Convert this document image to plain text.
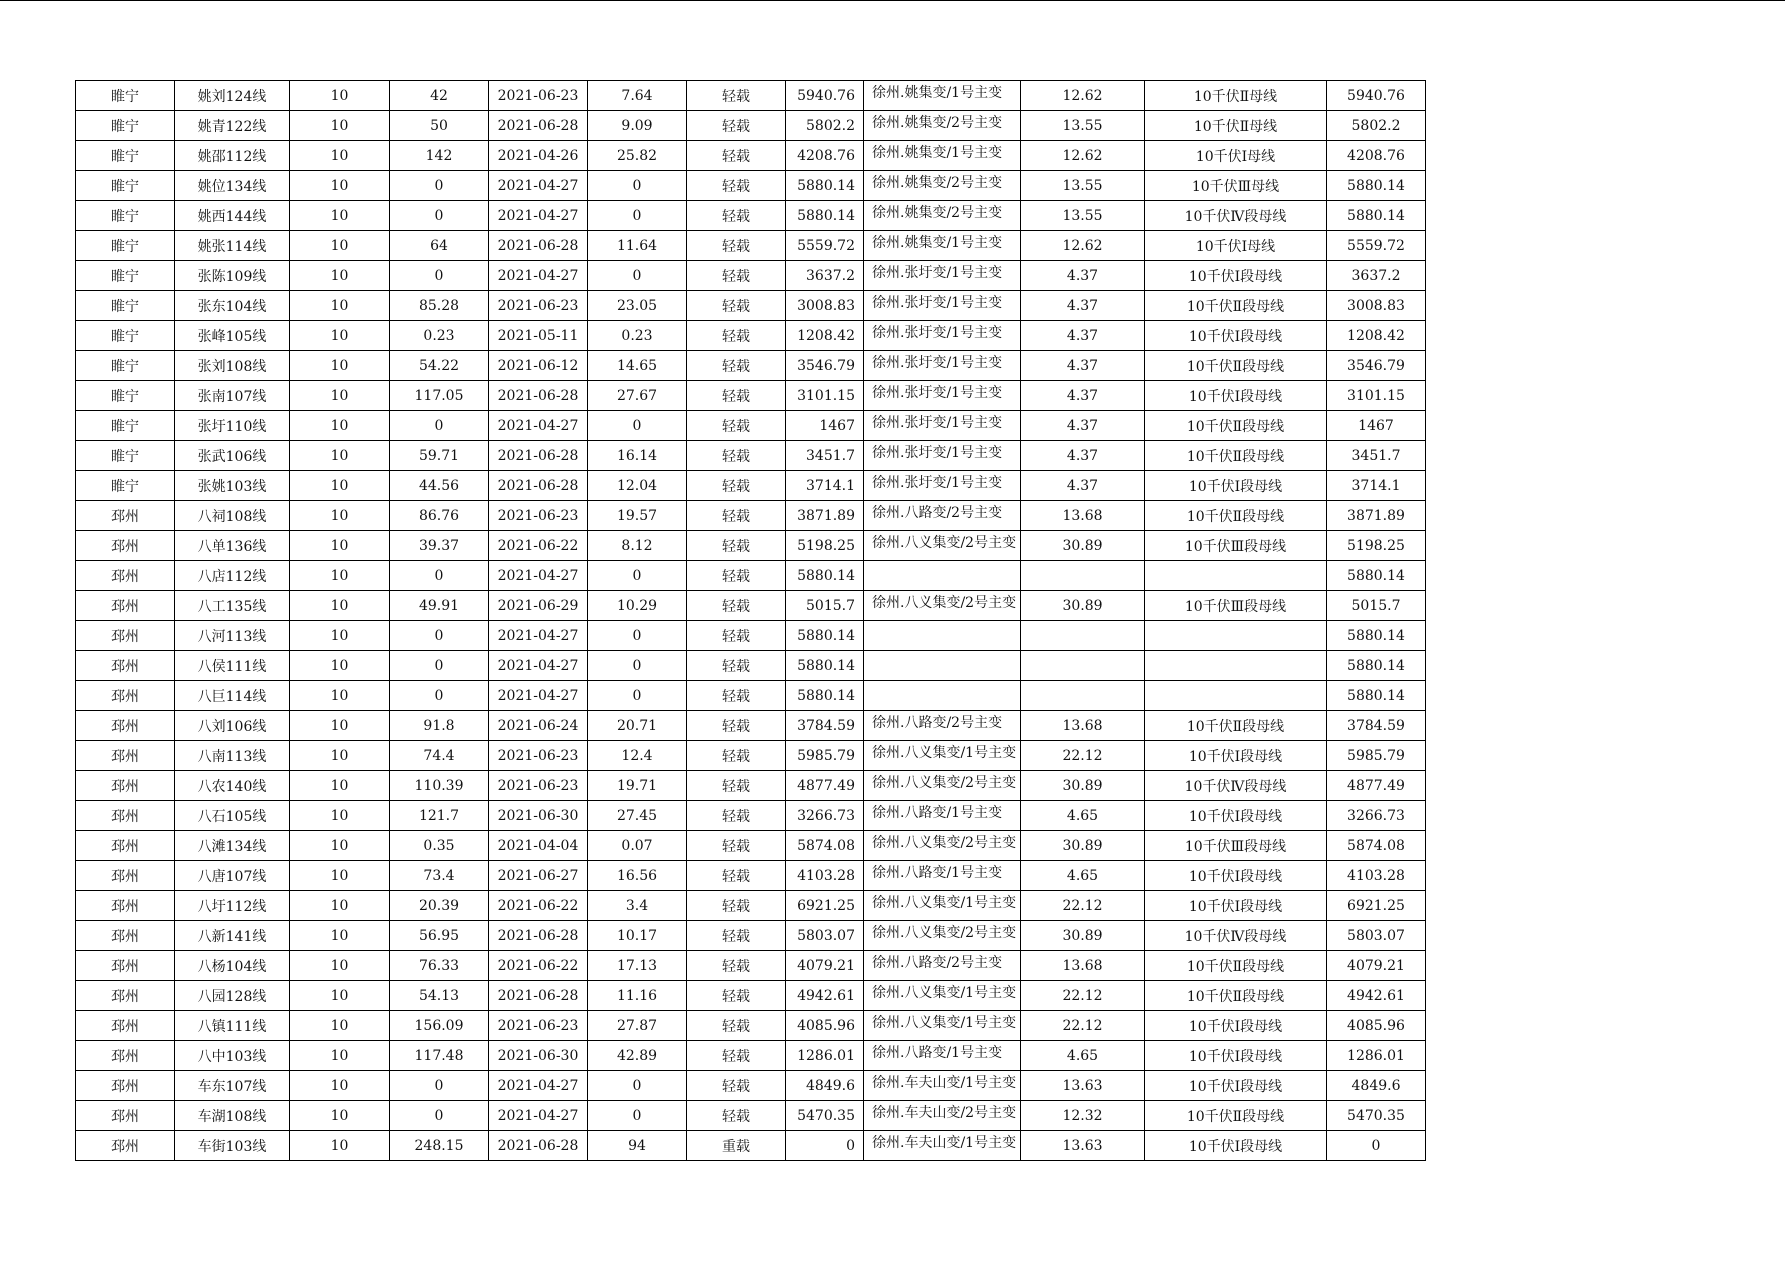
睢宁	姚刘124线	10	42	2021-06-23	7.64	轻载	5940.76	徐州.姚集变/1号主变	12.62	10千伏Ⅱ母线	5940.76
睢宁	姚青122线	10	50	2021-06-28	9.09	轻载	5802.2	徐州.姚集变/2号主变	13.55	10千伏Ⅱ母线	5802.2
睢宁	姚邵112线	10	142	2021-04-26	25.82	轻载	4208.76	徐州.姚集变/1号主变	12.62	10千伏Ⅰ母线	4208.76
睢宁	姚位134线	10	0	2021-04-27	0	轻载	5880.14	徐州.姚集变/2号主变	13.55	10千伏Ⅲ母线	5880.14
睢宁	姚西144线	10	0	2021-04-27	0	轻载	5880.14	徐州.姚集变/2号主变	13.55	10千伏Ⅳ段母线	5880.14
睢宁	姚张114线	10	64	2021-06-28	11.64	轻载	5559.72	徐州.姚集变/1号主变	12.62	10千伏Ⅰ母线	5559.72
睢宁	张陈109线	10	0	2021-04-27	0	轻载	3637.2	徐州.张圩变/1号主变	4.37	10千伏Ⅰ段母线	3637.2
睢宁	张东104线	10	85.28	2021-06-23	23.05	轻载	3008.83	徐州.张圩变/1号主变	4.37	10千伏Ⅱ段母线	3008.83
睢宁	张峰105线	10	0.23	2021-05-11	0.23	轻载	1208.42	徐州.张圩变/1号主变	4.37	10千伏Ⅰ段母线	1208.42
睢宁	张刘108线	10	54.22	2021-06-12	14.65	轻载	3546.79	徐州.张圩变/1号主变	4.37	10千伏Ⅱ段母线	3546.79
睢宁	张南107线	10	117.05	2021-06-28	27.67	轻载	3101.15	徐州.张圩变/1号主变	4.37	10千伏Ⅰ段母线	3101.15
睢宁	张圩110线	10	0	2021-04-27	0	轻载	1467	徐州.张圩变/1号主变	4.37	10千伏Ⅱ段母线	1467
睢宁	张武106线	10	59.71	2021-06-28	16.14	轻载	3451.7	徐州.张圩变/1号主变	4.37	10千伏Ⅱ段母线	3451.7
睢宁	张姚103线	10	44.56	2021-06-28	12.04	轻载	3714.1	徐州.张圩变/1号主变	4.37	10千伏Ⅰ段母线	3714.1
邳州	八祠108线	10	86.76	2021-06-23	19.57	轻载	3871.89	徐州.八路变/2号主变	13.68	10千伏Ⅱ段母线	3871.89
邳州	八单136线	10	39.37	2021-06-22	8.12	轻载	5198.25	徐州.八义集变/2号主变	30.89	10千伏Ⅲ段母线	5198.25
邳州	八店112线	10	0	2021-04-27	0	轻载	5880.14				5880.14
邳州	八工135线	10	49.91	2021-06-29	10.29	轻载	5015.7	徐州.八义集变/2号主变	30.89	10千伏Ⅲ段母线	5015.7
邳州	八河113线	10	0	2021-04-27	0	轻载	5880.14				5880.14
邳州	八侯111线	10	0	2021-04-27	0	轻载	5880.14				5880.14
邳州	八巨114线	10	0	2021-04-27	0	轻载	5880.14				5880.14
邳州	八刘106线	10	91.8	2021-06-24	20.71	轻载	3784.59	徐州.八路变/2号主变	13.68	10千伏Ⅱ段母线	3784.59
邳州	八南113线	10	74.4	2021-06-23	12.4	轻载	5985.79	徐州.八义集变/1号主变	22.12	10千伏Ⅰ段母线	5985.79
邳州	八农140线	10	110.39	2021-06-23	19.71	轻载	4877.49	徐州.八义集变/2号主变	30.89	10千伏Ⅳ段母线	4877.49
邳州	八石105线	10	121.7	2021-06-30	27.45	轻载	3266.73	徐州.八路变/1号主变	4.65	10千伏Ⅰ段母线	3266.73
邳州	八滩134线	10	0.35	2021-04-04	0.07	轻载	5874.08	徐州.八义集变/2号主变	30.89	10千伏Ⅲ段母线	5874.08
邳州	八唐107线	10	73.4	2021-06-27	16.56	轻载	4103.28	徐州.八路变/1号主变	4.65	10千伏Ⅰ段母线	4103.28
邳州	八圩112线	10	20.39	2021-06-22	3.4	轻载	6921.25	徐州.八义集变/1号主变	22.12	10千伏Ⅰ段母线	6921.25
邳州	八新141线	10	56.95	2021-06-28	10.17	轻载	5803.07	徐州.八义集变/2号主变	30.89	10千伏Ⅳ段母线	5803.07
邳州	八杨104线	10	76.33	2021-06-22	17.13	轻载	4079.21	徐州.八路变/2号主变	13.68	10千伏Ⅱ段母线	4079.21
邳州	八园128线	10	54.13	2021-06-28	11.16	轻载	4942.61	徐州.八义集变/1号主变	22.12	10千伏Ⅱ段母线	4942.61
邳州	八镇111线	10	156.09	2021-06-23	27.87	轻载	4085.96	徐州.八义集变/1号主变	22.12	10千伏Ⅰ段母线	4085.96
邳州	八中103线	10	117.48	2021-06-30	42.89	轻载	1286.01	徐州.八路变/1号主变	4.65	10千伏Ⅰ段母线	1286.01
邳州	车东107线	10	0	2021-04-27	0	轻载	4849.6	徐州.车夫山变/1号主变	13.63	10千伏Ⅰ段母线	4849.6
邳州	车湖108线	10	0	2021-04-27	0	轻载	5470.35	徐州.车夫山变/2号主变	12.32	10千伏Ⅱ段母线	5470.35
邳州	车街103线	10	248.15	2021-06-28	94	重载	0	徐州.车夫山变/1号主变	13.63	10千伏Ⅰ段母线	0
